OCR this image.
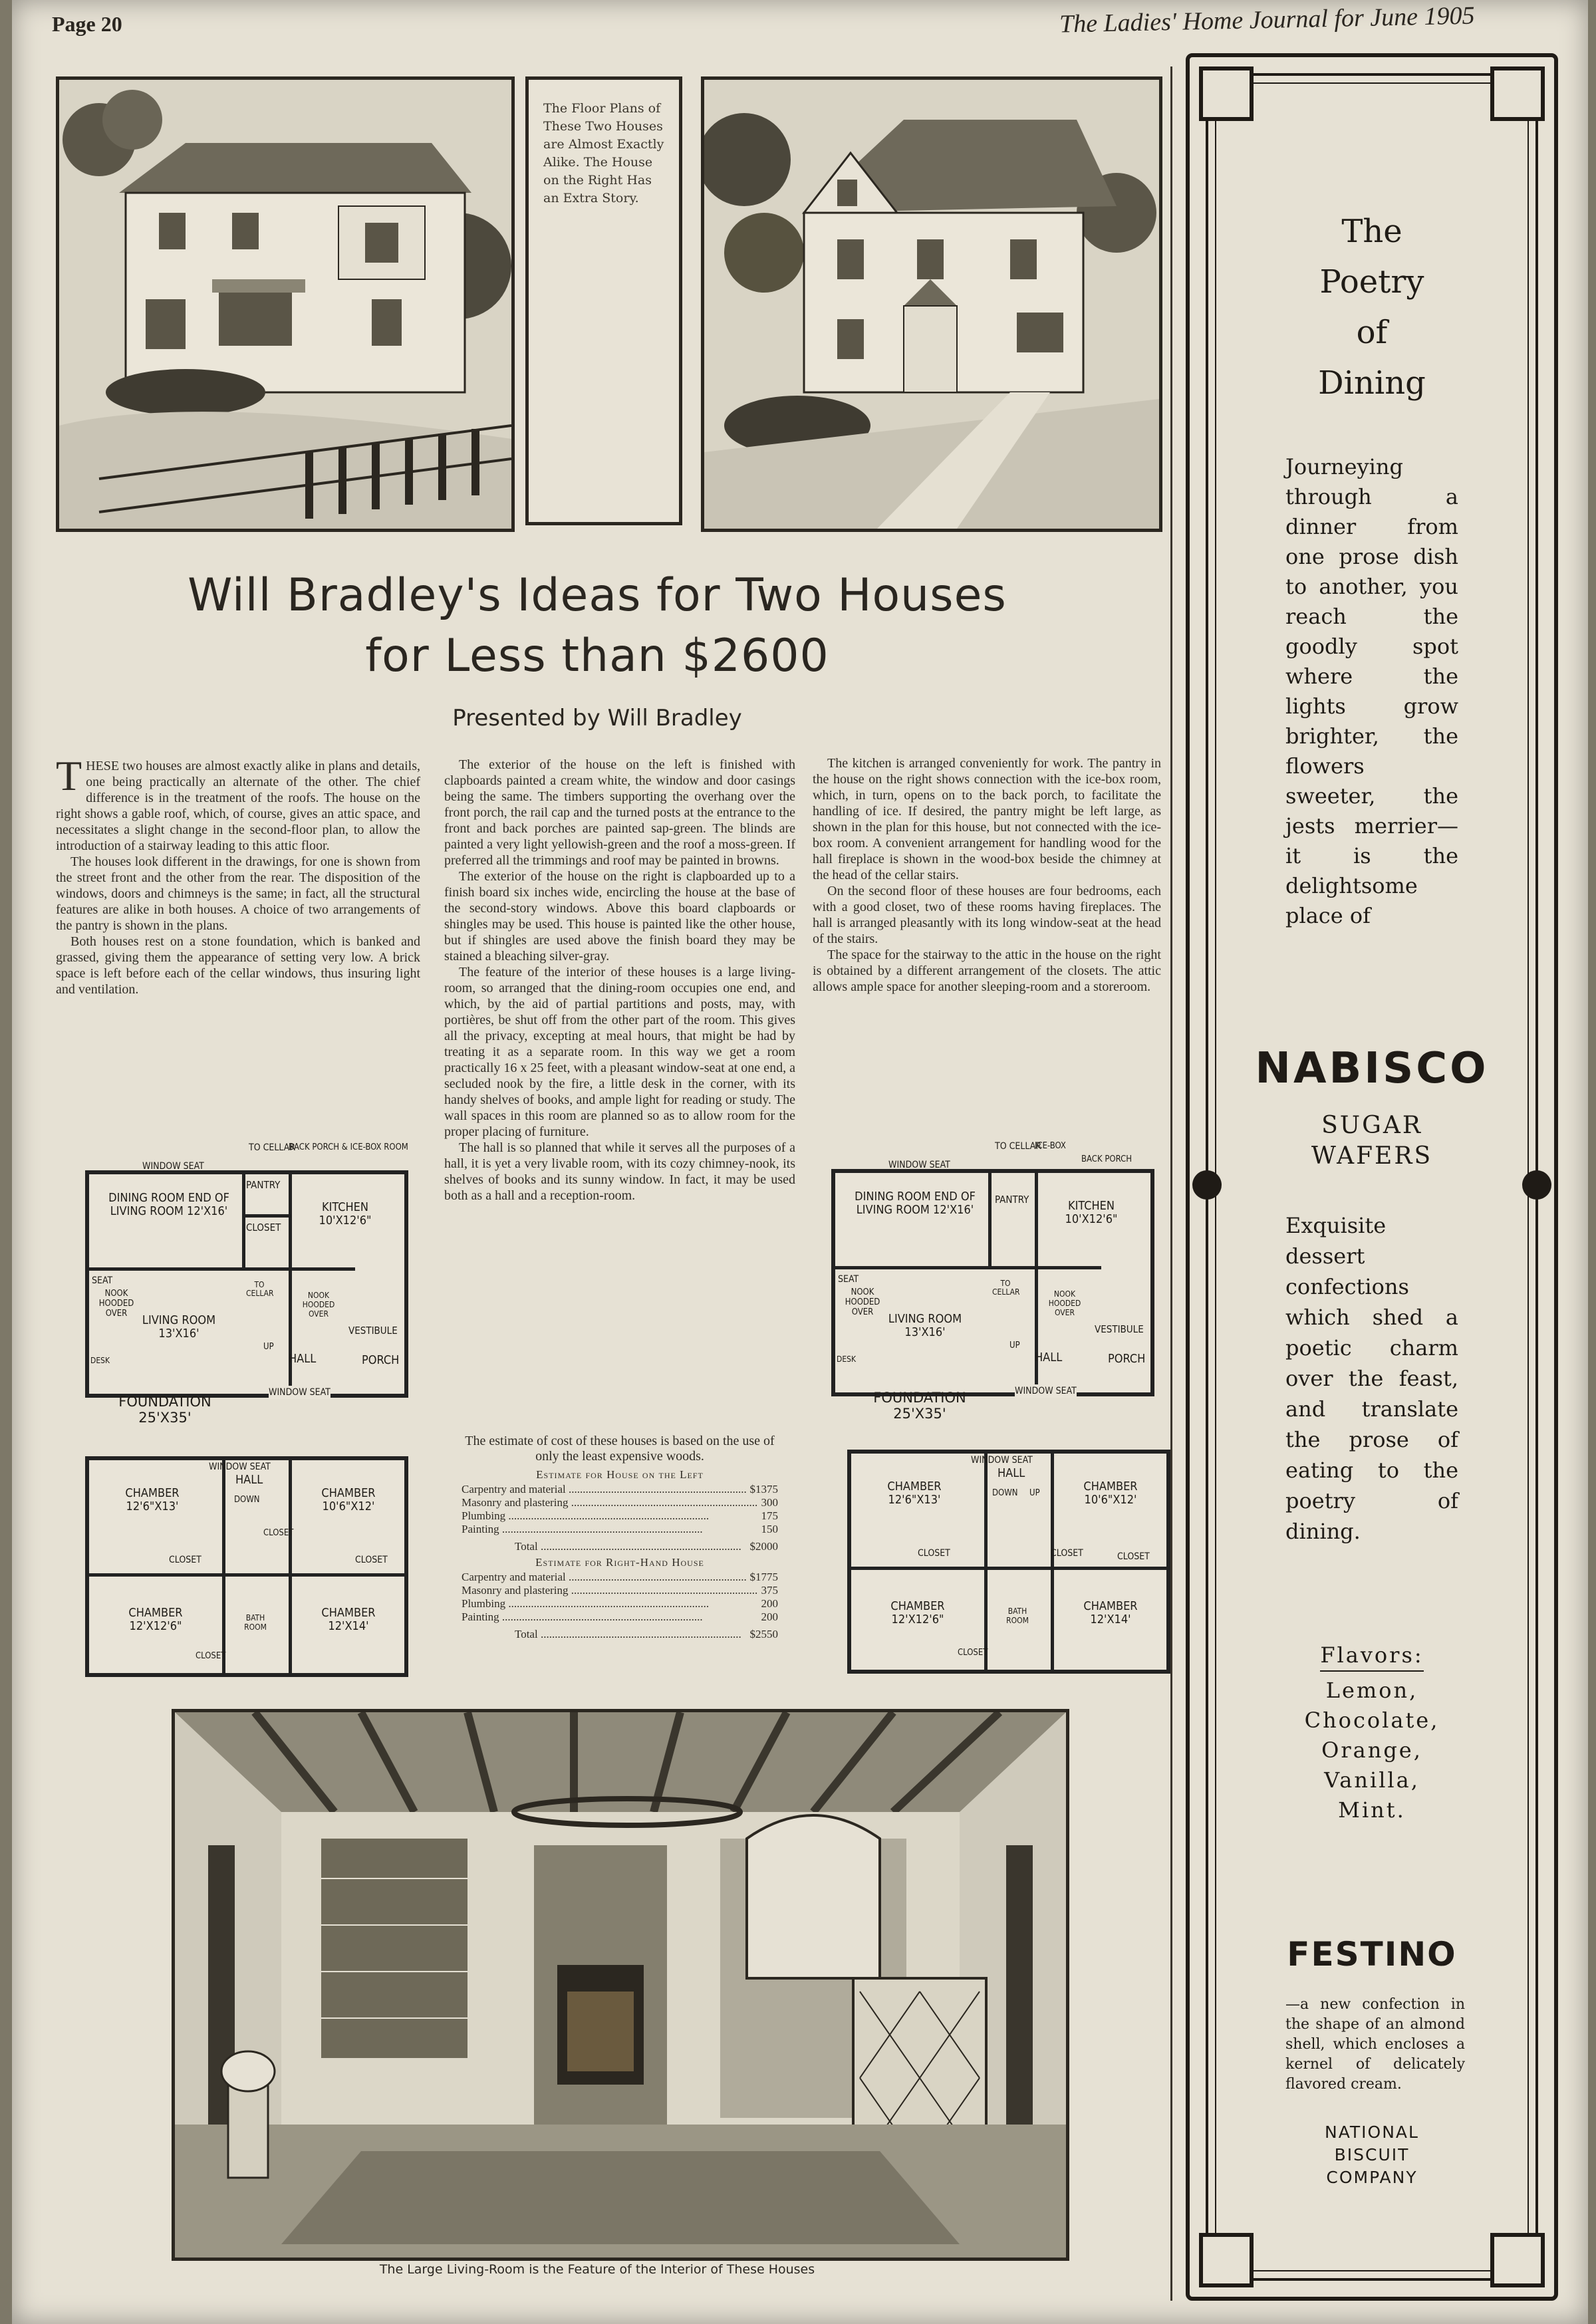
Page 20	The Ladies' Home Journal for June 1905
The Floor Plans of These Two Houses are Almost Exactly Alike. The House on the Right Has an Extra Story.
Will Bradley's Ideas for Two Houses
for Less than $2600
Presented by Will Bradley

THESE two houses are almost exactly alike in plans and details, one being practically an alternate of the other. The chief difference is in the treatment of the roofs. The house on the right shows a gable roof, which, of course, gives an attic space, and necessitates a slight change in the second-floor plan, to allow the introduction of a stairway leading to this attic floor.

The houses look different in the drawings, for one is shown from the street front and the other from the rear. The disposition of the windows, doors and chimneys is the same; in fact, all the structural features are alike in both houses. A choice of two arrangements of the pantry is shown in the plans.

Both houses rest on a stone foundation, which is banked and grassed, giving them the appearance of setting very low. A brick space is left before each of the cellar windows, thus insuring light and ventilation.

The exterior of the house on the left is finished with clapboards painted a cream white, the window and door casings being the same. The timbers supporting the overhang over the front porch, the rail cap and the turned posts at the entrance to the front and back porches are painted sap-green. The blinds are painted a very light yellowish-green and the roof a moss-green. If preferred all the trimmings and roof may be painted in browns.

The exterior of the house on the right is clapboarded up to a finish board six inches wide, encircling the house at the base of the second-story windows. Above this board clapboards or shingles may be used. This house is painted like the other house, but if shingles are used above the finish board they may be stained a bleaching silver-gray.

The feature of the interior of these houses is a large living-room, so arranged that the dining-room occupies one end, and which, by the aid of partial partitions and posts, may, with portières, be shut off from the other part of the room. This gives all the privacy, excepting at meal hours, that might be had by treating it as a separate room. In this way we get a room practically 16 x 25 feet, with a pleasant window-seat at one end, a secluded nook by the fire, a little desk in the corner, with its handy shelves of books, and ample light for reading or study. The wall spaces in this room are planned so as to allow room for the proper placing of furniture.

The hall is so planned that while it serves all the purposes of a hall, it is yet a very livable room, with its cozy chimney-nook, its shelves of books and its sunny window. In fact, it may be used both as a hall and a reception-room.

The kitchen is arranged conveniently for work. The pantry in the house on the right shows connection with the ice-box room, which, in turn, opens on to the back porch, to facilitate the handling of ice. If desired, the pantry might be left large, as shown in the plan for this house, but not connected with the ice-box room. A convenient arrangement for handling wood for the hall fireplace is shown in the wood-box beside the chimney at the head of the cellar stairs.

On the second floor of these houses are four bedrooms, each with a good closet, two of these rooms having fireplaces. The hall is arranged pleasantly with its long window-seat at the head of the stairs.

The space for the stairway to the attic in the house on the right is obtained by a different arrangement of the closets. The attic allows ample space for another sleeping-room and a storeroom.

The estimate of cost of these houses is based on the use of only the least expensive woods.
Estimate for House on the Left
Carpentry and material .....	$1375
Masonry and plastering .....	300
Plumbing .....	175
Painting .....	150
Total .....	$2000
Estimate for Right-Hand House
Carpentry and material .....	$1775
Masonry and plastering .....	375
Plumbing .....	200
Painting .....	200
Total .....	$2550
WINDOW SEAT
PANTRY
CLOSET
DINING ROOM END OF LIVING ROOM 12'X16'	KITCHEN 10'X12'6"
SEAT
NOOK HOODED OVER	LIVING ROOM 13'X16'
TO CELLAR	NOOK HOODED OVER
VESTIBULE
UP
HALL	PORCH
DESK
WINDOW SEAT
TO CELLAR
BACK PORCH & ICE-BOX ROOM
FOUNDATION 25'X35'
WINDOW SEAT
HALL
DOWN
CHAMBER 12'6"X13'
CHAMBER 10'6"X12'
CLOSET
CLOSET	CLOSET
CHAMBER 12'X12'6"
BATH ROOM
CHAMBER 12'X14'
CLOSET
WINDOW SEAT
TO CELLAR
ICE-BOX
BACK PORCH
DINING ROOM END OF LIVING ROOM 12'X16'
PANTRY	KITCHEN 10'X12'6"
SEAT
NOOK HOODED OVER	LIVING ROOM 13'X16'
TO CELLAR	NOOK HOODED OVER
VESTIBULE
UP
HALL	PORCH
DESK
WINDOW SEAT
FOUNDATION 25'X35'
WINDOW SEAT
HALL
DOWN UP
CHAMBER 12'6"X13'
CHAMBER 10'6"X12'
CLOSET	CLOSET	CLOSET
CHAMBER 12'X12'6"
BATH ROOM
CHAMBER 12'X14'
CLOSET
The Large Living-Room is the Feature of the Interior of These Houses
The
Poetry
of
Dining
Journeying through a dinner from one prose dish to another, you reach the goodly spot where the lights grow brighter, the flowers sweeter, the jests merrier—it is the delightsome place of
NABISCO
SUGAR
WAFERS
Exquisite dessert confections which shed a poetic charm over the feast, and translate the prose of eating to the poetry of dining.
Flavors:
Lemon,
Chocolate,
Orange,
Vanilla,
Mint.
FESTINO
—a new confection in the shape of an almond shell, which encloses a kernel of delicately flavored cream.
NATIONAL
BISCUIT
COMPANY
